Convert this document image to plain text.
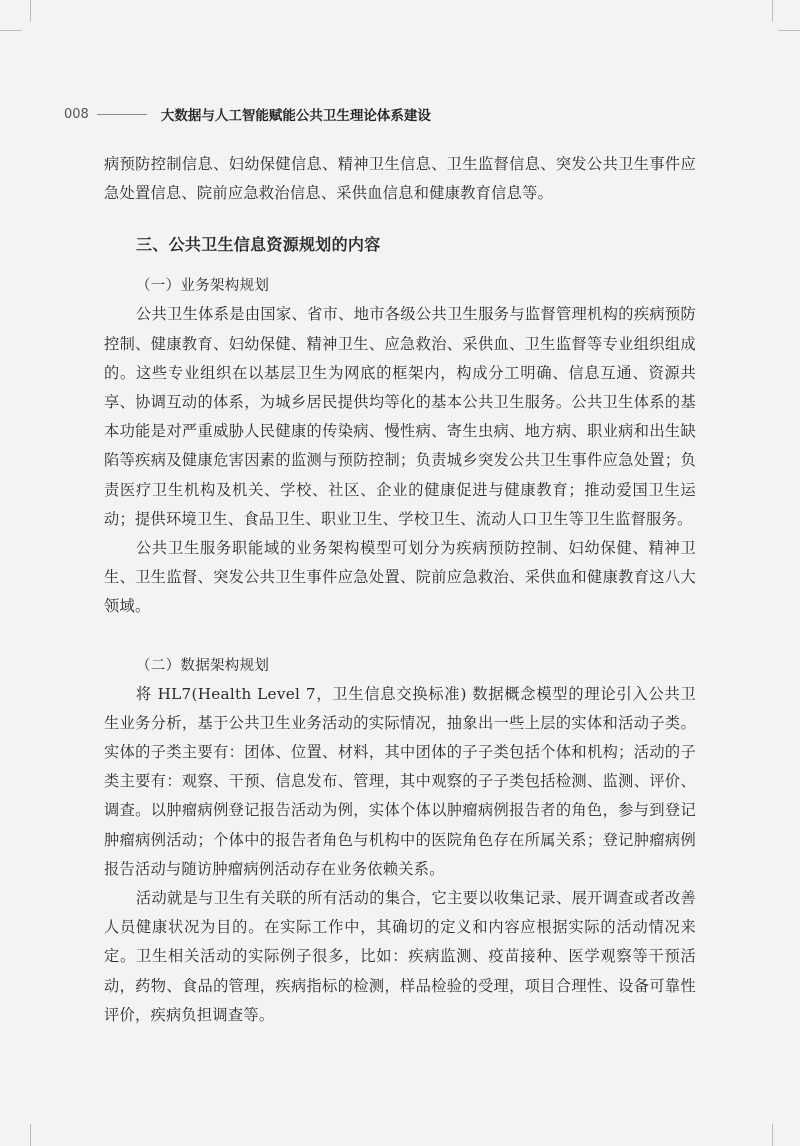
008	大数据与人工智能赋能公共卫生理论体系建设

病预防控制信息、妇幼保健信息、精神卫生信息、卫生监督信息、突发公共卫生事件应急处置信息、院前应急救治信息、采供血信息和健康教育信息等。

三、公共卫生信息资源规划的内容

（一）业务架构规划

公共卫生体系是由国家、省市、地市各级公共卫生服务与监督管理机构的疾病预防控制、健康教育、妇幼保健、精神卫生、应急救治、采供血、卫生监督等专业组织组成的。这些专业组织在以基层卫生为网底的框架内，构成分工明确、信息互通、资源共享、协调互动的体系，为城乡居民提供均等化的基本公共卫生服务。公共卫生体系的基本功能是对严重威胁人民健康的传染病、慢性病、寄生虫病、地方病、职业病和出生缺陷等疾病及健康危害因素的监测与预防控制；负责城乡突发公共卫生事件应急处置；负责医疗卫生机构及机关、学校、社区、企业的健康促进与健康教育；推动爱国卫生运动；提供环境卫生、食品卫生、职业卫生、学校卫生、流动人口卫生等卫生监督服务。

公共卫生服务职能域的业务架构模型可划分为疾病预防控制、妇幼保健、精神卫生、卫生监督、突发公共卫生事件应急处置、院前应急救治、采供血和健康教育这八大领域。

（二）数据架构规划

将 HL7(Health Level 7，卫生信息交换标准) 数据概念模型的理论引入公共卫生业务分析，基于公共卫生业务活动的实际情况，抽象出一些上层的实体和活动子类。实体的子类主要有：团体、位置、材料，其中团体的子子类包括个体和机构；活动的子类主要有：观察、干预、信息发布、管理，其中观察的子子类包括检测、监测、评价、调查。以肿瘤病例登记报告活动为例，实体个体以肿瘤病例报告者的角色，参与到登记肿瘤病例活动；个体中的报告者角色与机构中的医院角色存在所属关系；登记肿瘤病例报告活动与随访肿瘤病例活动存在业务依赖关系。

活动就是与卫生有关联的所有活动的集合，它主要以收集记录、展开调查或者改善人员健康状况为目的。在实际工作中，其确切的定义和内容应根据实际的活动情况来定。卫生相关活动的实际例子很多，比如：疾病监测、疫苗接种、医学观察等干预活动，药物、食品的管理，疾病指标的检测，样品检验的受理，项目合理性、设备可靠性评价，疾病负担调查等。
